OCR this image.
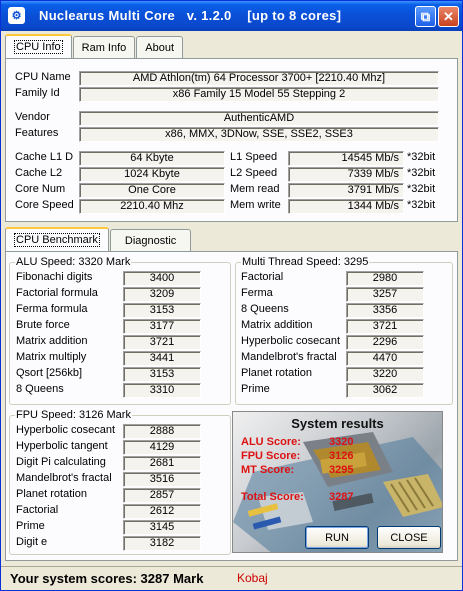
⚙ Nuclearus Multi Core   v. 1.2.0    [up to 8 cores]	⧉ ✕
CPU Info Ram Info About
CPU Name	AMD Athlon(tm) 64 Processor 3700+ [2210.40 Mhz]
Family Id	x86 Family 15 Model 55 Stepping 2
Vendor	AuthenticAMD
Features	x86, MMX, 3DNow, SSE, SSE2, SSE3
Cache L1 D	64 Kbyte
Cache L2	1024 Kbyte
Core Num	One Core
Core Speed	2210.40 Mhz
L1 Speed	14545 Mb/s *32bit
L2 Speed	7339 Mb/s *32bit
Mem read	3791 Mb/s *32bit
Mem write	1344 Mb/s *32bit
CPU Benchmark Diagnostic
ALU Speed: 3320 Mark
Fibonachi digits	3400
Factorial formula	3209
Ferma formula	3153
Brute force	3177
Matrix addition	3721
Matrix multiply	3441
Qsort [256kb]	3153
8 Queens	3310
Multi Thread Speed: 3295
Factorial	2980
Ferma	3257
8 Queens	3356
Matrix addition	3721
Hyperbolic cosecant	2296
Mandelbrot's fractal	4470
Planet rotation	3220
Prime	3062
FPU Speed: 3126 Mark
Hyperbolic cosecant	2888
Hyperbolic tangent	4129
Digit Pi calculating	2681
Mandelbrot's fractal	3516
Planet rotation	2857
Factorial	2612
Prime	3145
Digit e	3182
System results
ALU Score:	3320
FPU Score:	3126
MT Score:	3295
Total Score: 3287
RUN	CLOSE
Your system scores: 3287 Mark	Kobaj
